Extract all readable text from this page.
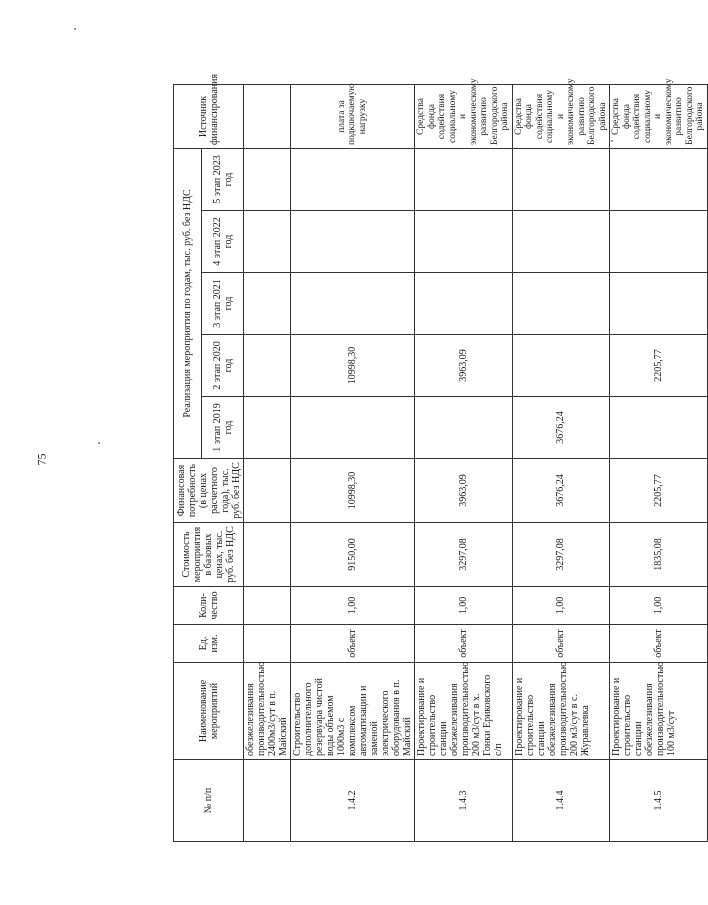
75
№ п/п	Наименование мероприятий	Ед. изм.	Коли-чество	Стоимость мероприятия в базовых ценах, тыс. руб. без НДС	Финансовая потребность (в ценах расчетного года), тыс. руб. без НДС	Реализация мероприятия по годам, тыс. руб. без НДС					Источник финансирования
						1 этап 2019 год	2 этап 2020 год	3 этап 2021 год	4 этап 2022 год	5 этап 2023 год	
	обезжелезивания производительностью 2400м3/сут в п. Майский										
1.4.2	Строительство дополнительного резервуара чистой воды объемом 1000м3 с комплексом автоматизации и заменой электрического оборудования в п. Майский	объект	1,00	9150,00	10998,30		10998,30				плата за подключаемую нагрузку
1.4.3	Проектирование и строительство станции обезжелезивания производительностью 200 м3/сут в х. Гонки Ериковского с/п	объект	1,00	3297,08	3963,09		3963,09				Средства фонда содействия социальному и экономическому развитию Белгородского района
1.4.4	Проектирование и строительство станции обезжелезивания производительностью 200 м3/сут в с. Журавлевка	объект	1,00	3297,08	3676,24	3676,24					Средства фонда содействия социальному и экономическому развитию Белгородского района
1.4.5	Проектирование и строительство станции обезжелезивания производительностью 100 м3/сут	объект	1,00	1835,08	2205,77		2205,77				Средства фонда содействия социальному и экономическому развитию Белгородского района
